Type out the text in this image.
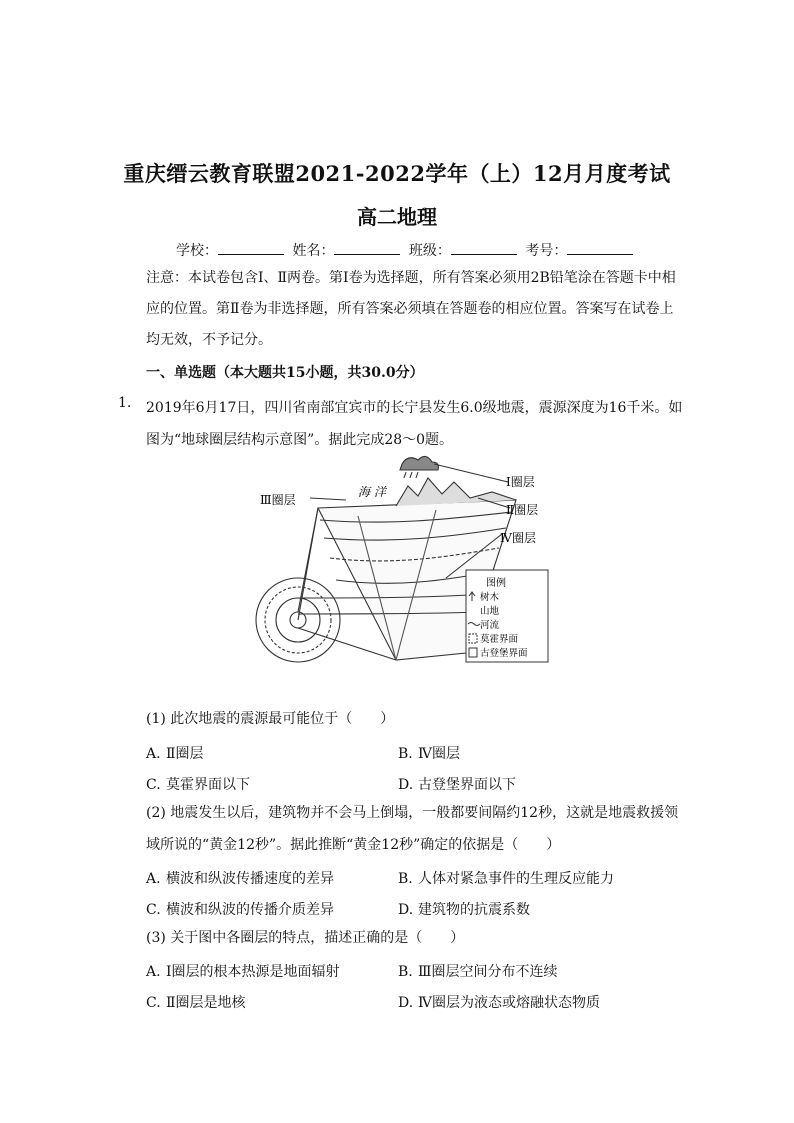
重庆缙云教育联盟2021-2022学年（上）12月月度考试
高二地理
学校：	姓名：	班级：	考号：
注意：本试卷包含Ⅰ、Ⅱ两卷。第Ⅰ卷为选择题，所有答案必须用2B铅笔涂在答题卡中相应的位置。第Ⅱ卷为非选择题，所有答案必须填在答题卷的相应位置。答案写在试卷上均无效，不予记分。
一、单选题（本大题共15小题，共30.0分）
1. 2019年6月17日，四川省南部宜宾市的长宁县发生6.0级地震，震源深度为16千米。如图为“地球圈层结构示意图”。据此完成28～0题。
图例
树木
山地
河流
莫霍界面
古登堡界面
海 洋
Ⅲ圈层
Ⅰ圈层
Ⅱ圈层
Ⅳ圈层
(1) 此次地震的震源最可能位于（　　）
A. Ⅱ圈层	B. Ⅳ圈层
C. 莫霍界面以下	D. 古登堡界面以下
(2) 地震发生以后，建筑物并不会马上倒塌，一般都要间隔约12秒，这就是地震救援领域所说的“黄金12秒”。据此推断“黄金12秒”确定的依据是（　　）
A. 横波和纵波传播速度的差异	B. 人体对紧急事件的生理反应能力
C. 横波和纵波的传播介质差异	D. 建筑物的抗震系数
(3) 关于图中各圈层的特点，描述正确的是（　　）
A. Ⅰ圈层的根本热源是地面辐射	B. Ⅲ圈层空间分布不连续
C. Ⅱ圈层是地核	D. Ⅳ圈层为液态或熔融状态物质
